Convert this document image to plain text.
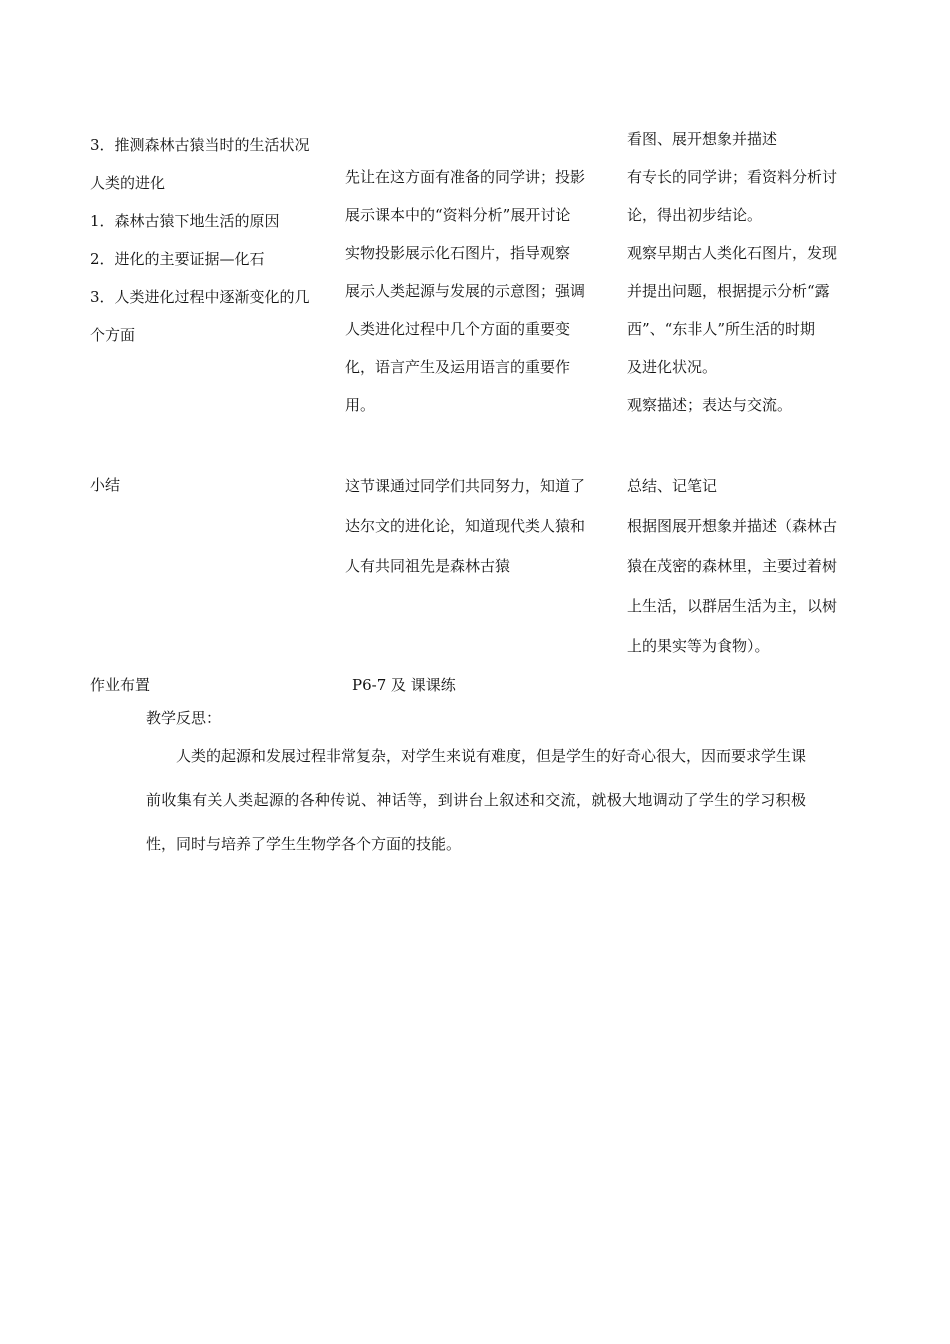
3．推测森林古猿当时的生活状况
人类的进化
1．森林古猿下地生活的原因
2．进化的主要证据—化石
3．人类进化过程中逐渐变化的几
个方面
先让在这方面有准备的同学讲；投影
展示课本中的“资料分析”展开讨论
实物投影展示化石图片，指导观察
展示人类起源与发展的示意图；强调
人类进化过程中几个方面的重要变
化，语言产生及运用语言的重要作
用。
看图、展开想象并描述
有专长的同学讲；看资料分析讨
论，得出初步结论。
观察早期古人类化石图片，发现
并提出问题，根据提示分析“露
西”、“东非人”所生活的时期
及进化状况。
观察描述；表达与交流。
小结	这节课通过同学们共同努力，知道了
达尔文的进化论，知道现代类人猿和
人有共同祖先是森林古猿
总结、记笔记
根据图展开想象并描述（森林古
猿在茂密的森林里，主要过着树
上生活，以群居生活为主，以树
上的果实等为食物）。
作业布置	P6-7 及 课课练
教学反思：
人类的起源和发展过程非常复杂，对学生来说有难度，但是学生的好奇心很大，因而要求学生课前收集有关人类起源的各种传说、神话等，到讲台上叙述和交流，就极大地调动了学生的学习积极性，同时与培养了学生生物学各个方面的技能。
